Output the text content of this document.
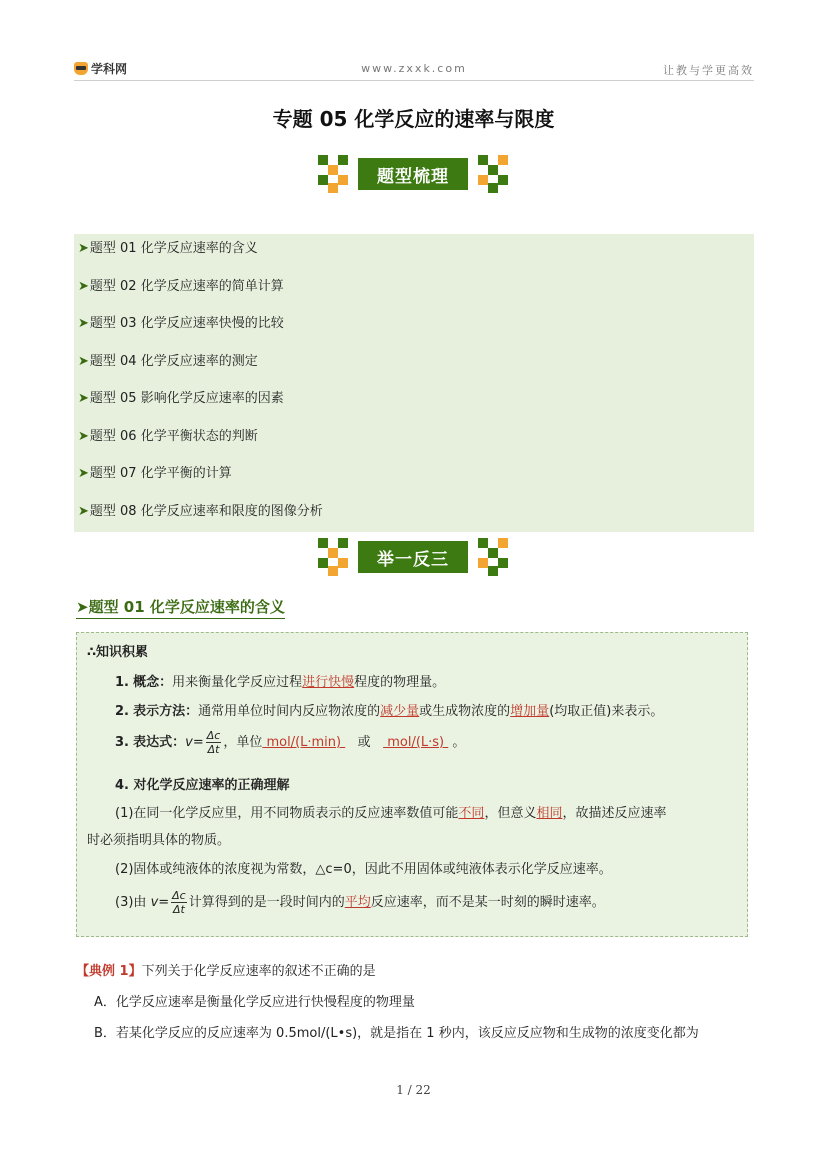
学科网	www.zxxk.com	让教与学更高效
专题 05 化学反应的速率与限度
题型梳理
➤题型 01 化学反应速率的含义
➤题型 02 化学反应速率的简单计算
➤题型 03 化学反应速率快慢的比较
➤题型 04 化学反应速率的测定
➤题型 05 影响化学反应速率的因素
➤题型 06 化学平衡状态的判断
➤题型 07 化学平衡的计算
➤题型 08 化学反应速率和限度的图像分析
举一反三
➤题型 01 化学反应速率的含义
∴知识积累
1. 概念：用来衡量化学反应过程进行快慢程度的物理量。
2. 表示方法：通常用单位时间内反应物浓度的减少量或生成物浓度的增加量(均取正值)来表示。
3. 表达式：$v= \frac{\Delta c}{\Delta t}$ ，单位 mol/(L·min)    或    mol/(L·s)  。
4. 对化学反应速率的正确理解
(1)在同一化学反应里，用不同物质表示的反应速率数值可能不同，但意义相同，故描述反应速率
时必须指明具体的物质。
(2)固体或纯液体的浓度视为常数，△c=0，因此不用固体或纯液体表示化学反应速率。
(3)由 $v= \frac{\Delta c}{\Delta t}$ 计算得到的是一段时间内的平均反应速率，而不是某一时刻的瞬时速率。
【典例 1】下列关于化学反应速率的叙述不正确的是
A．化学反应速率是衡量化学反应进行快慢程度的物理量
B．若某化学反应的反应速率为 0.5mol/(L•s)，就是指在 1 秒内，该反应反应物和生成物的浓度变化都为
1 / 22
